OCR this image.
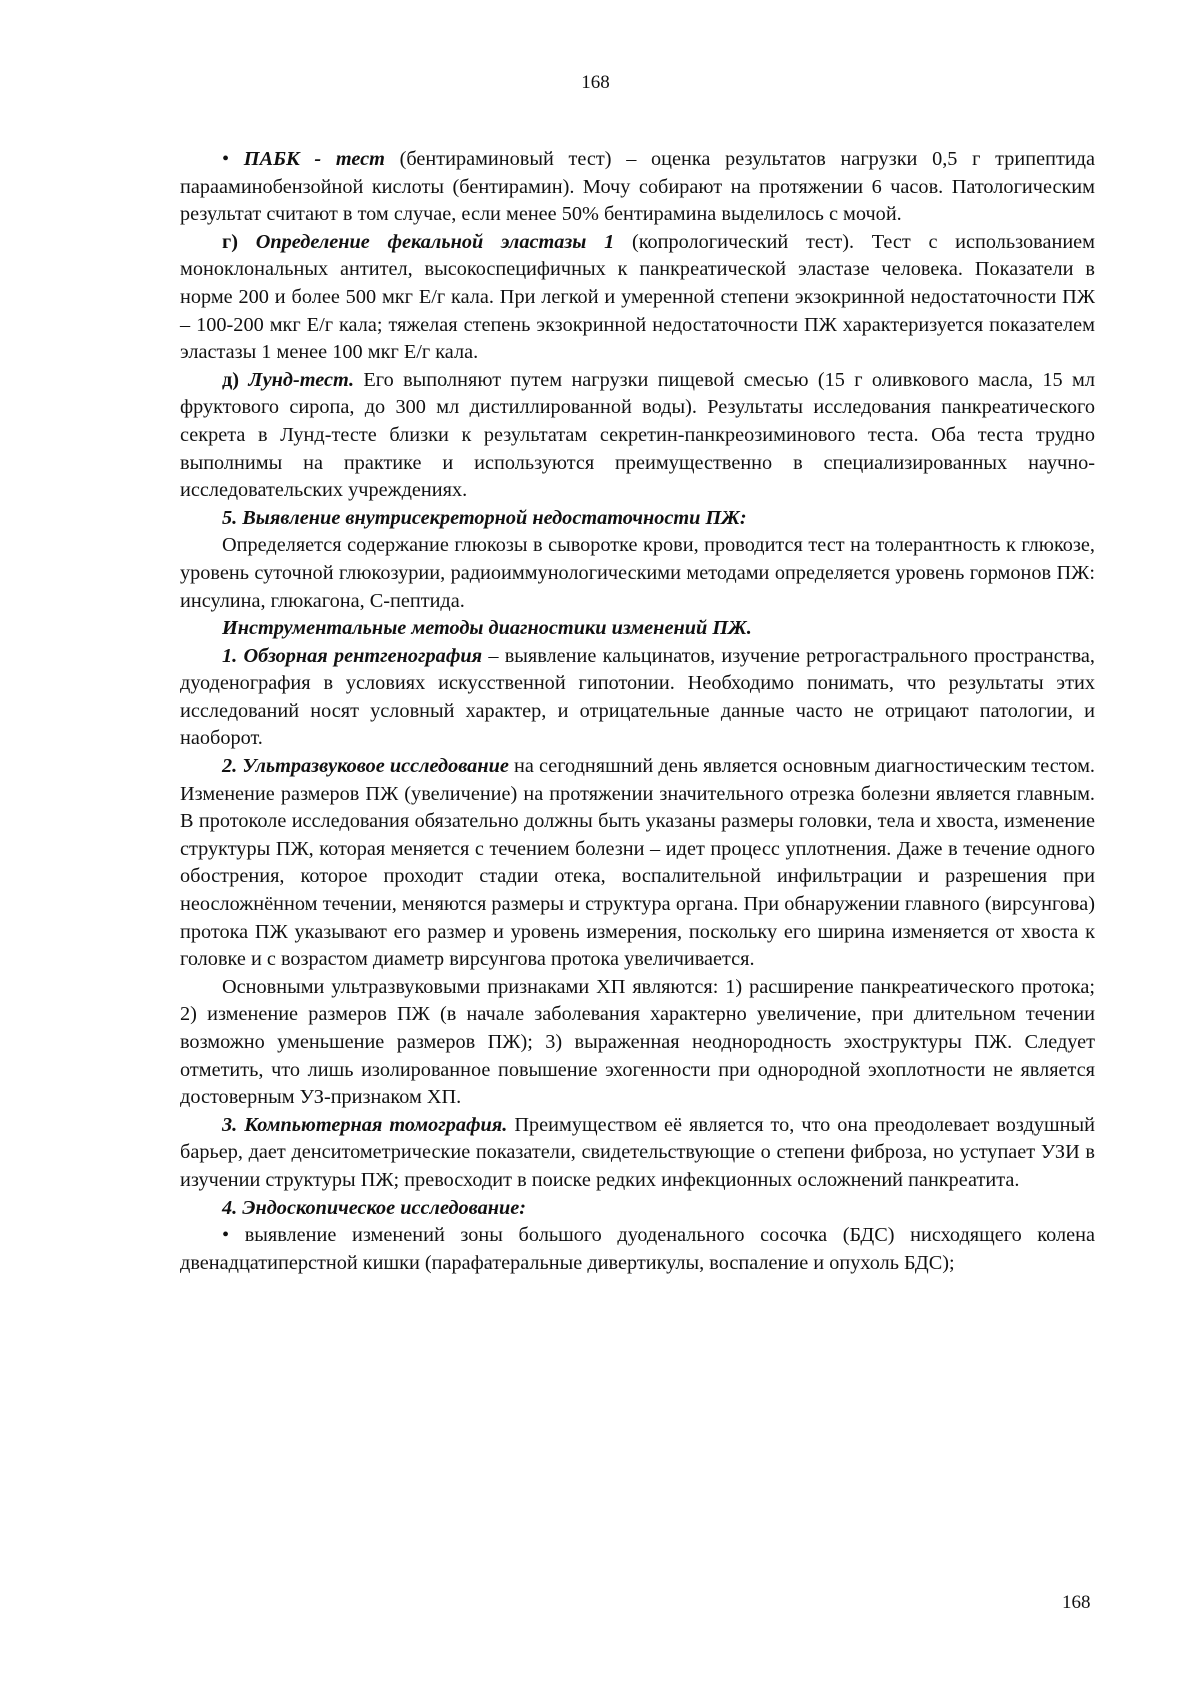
168

• ПАБК - тест (бентираминовый тест) – оценка результатов нагрузки 0,5 г трипептида парааминобензойной кислоты (бентирамин). Мочу собирают на протяжении 6 часов. Патологическим результат считают в том случае, если менее 50% бентирамина выделилось с мочой.

г) Определение фекальной эластазы 1 (копрологический тест). Тест с использованием моноклональных антител, высокоспецифичных к панкреатической эластазе человека. Показатели в норме 200 и более 500 мкг Е/г кала. При легкой и умеренной степени экзокринной недостаточности ПЖ – 100-200 мкг Е/г кала; тяжелая степень экзокринной недостаточности ПЖ характеризуется показателем эластазы 1 менее 100 мкг Е/г кала.

д) Лунд-тест. Его выполняют путем нагрузки пищевой смесью (15 г оливкового масла, 15 мл фруктового сиропа, до 300 мл дистиллированной воды). Результаты исследования панкреатического секрета в Лунд-тесте близки к результатам секретин-панкреозиминового теста. Оба теста трудно выполнимы на практике и используются преимущественно в специализированных научно-исследовательских учреждениях.

5. Выявление внутрисекреторной недостаточности ПЖ:

Определяется содержание глюкозы в сыворотке крови, проводится тест на толерантность к глюкозе, уровень суточной глюкозурии, радиоиммунологическими методами определяется уровень гормонов ПЖ: инсулина, глюкагона, С-пептида.

Инструментальные методы диагностики изменений ПЖ.

1. Обзорная рентгенография – выявление кальцинатов, изучение ретрогастрального пространства, дуоденография в условиях искусственной гипотонии. Необходимо понимать, что результаты этих исследований носят условный характер, и отрицательные данные часто не отрицают патологии, и наоборот.

2. Ультразвуковое исследование на сегодняшний день является основным диагностическим тестом. Изменение размеров ПЖ (увеличение) на протяжении значительного отрезка болезни является главным. В протоколе исследования обязательно должны быть указаны размеры головки, тела и хвоста, изменение структуры ПЖ, которая меняется с течением болезни – идет процесс уплотнения. Даже в течение одного обострения, которое проходит стадии отека, воспалительной инфильтрации и разрешения при неосложнённом течении, меняются размеры и структура органа. При обнаружении главного (вирсунгова) протока ПЖ указывают его размер и уровень измерения, поскольку его ширина изменяется от хвоста к головке и с возрастом диаметр вирсунгова протока увеличивается.

Основными ультразвуковыми признаками ХП являются: 1) расширение панкреатического протока; 2) изменение размеров ПЖ (в начале заболевания характерно увеличение, при длительном течении возможно уменьшение размеров ПЖ); 3) выраженная неоднородность эхоструктуры ПЖ. Следует отметить, что лишь изолированное повышение эхогенности при однородной эхоплотности не является достоверным УЗ-признаком ХП.

3. Компьютерная томография. Преимуществом её является то, что она преодолевает воздушный барьер, дает денситометрические показатели, свидетельствующие о степени фиброза, но уступает УЗИ в изучении структуры ПЖ; превосходит в поиске редких инфекционных осложнений панкреатита.

4. Эндоскопическое исследование:

• выявление изменений зоны большого дуоденального сосочка (БДС) нисходящего колена двенадцатиперстной кишки (парафатеральные дивертикулы, воспаление и опухоль БДС);

168
